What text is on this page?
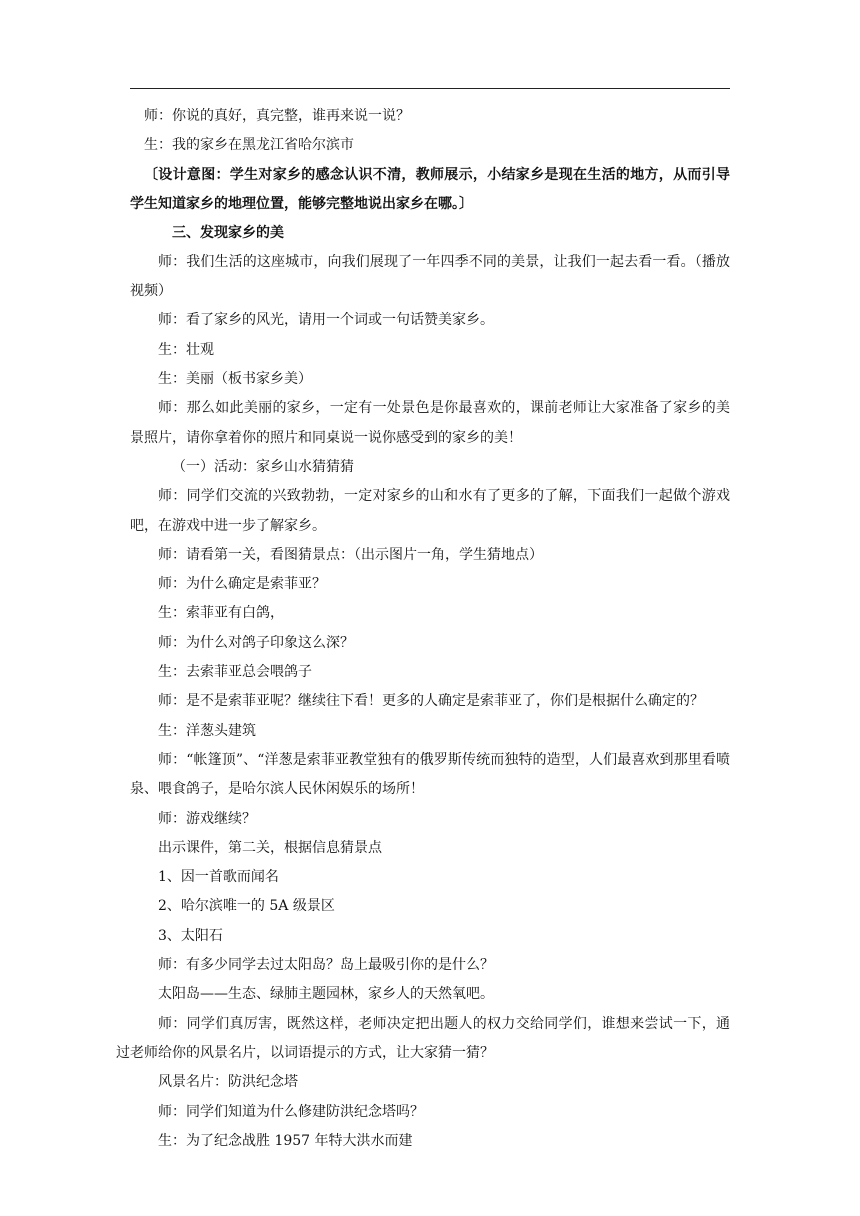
师：你说的真好，真完整，谁再来说一说？

生：我的家乡在黑龙江省哈尔滨市

〔设计意图：学生对家乡的感念认识不清，教师展示，小结家乡是现在生活的地方，从而引导学生知道家乡的地理位置，能够完整地说出家乡在哪。〕

三、发现家乡的美

师：我们生活的这座城市，向我们展现了一年四季不同的美景，让我们一起去看一看。（播放视频）

师：看了家乡的风光，请用一个词或一句话赞美家乡。

生：壮观

生：美丽（板书家乡美）

师：那么如此美丽的家乡，一定有一处景色是你最喜欢的，课前老师让大家准备了家乡的美景照片，请你拿着你的照片和同桌说一说你感受到的家乡的美！

（一）活动：家乡山水猜猜猜

师：同学们交流的兴致勃勃，一定对家乡的山和水有了更多的了解，下面我们一起做个游戏吧，在游戏中进一步了解家乡。

师：请看第一关，看图猜景点：（出示图片一角，学生猜地点）

师：为什么确定是索菲亚？

生：索菲亚有白鸽，

师：为什么对鸽子印象这么深？

生：去索菲亚总会喂鸽子

师：是不是索菲亚呢？继续往下看！更多的人确定是索菲亚了，你们是根据什么确定的？

生：洋葱头建筑

师：“帐篷顶”、“洋葱是索菲亚教堂独有的俄罗斯传统而独特的造型，人们最喜欢到那里看喷泉、喂食鸽子，是哈尔滨人民休闲娱乐的场所！

师：游戏继续？

出示课件，第二关，根据信息猜景点

1、因一首歌而闻名

2、哈尔滨唯一的 5A 级景区

3、太阳石

师：有多少同学去过太阳岛？岛上最吸引你的是什么？

太阳岛——生态、绿肺主题园林，家乡人的天然氧吧。

师：同学们真厉害，既然这样，老师决定把出题人的权力交给同学们，谁想来尝试一下，通过老师给你的风景名片，以词语提示的方式，让大家猜一猜？

风景名片：防洪纪念塔

师：同学们知道为什么修建防洪纪念塔吗？

生：为了纪念战胜 1957 年特大洪水而建
